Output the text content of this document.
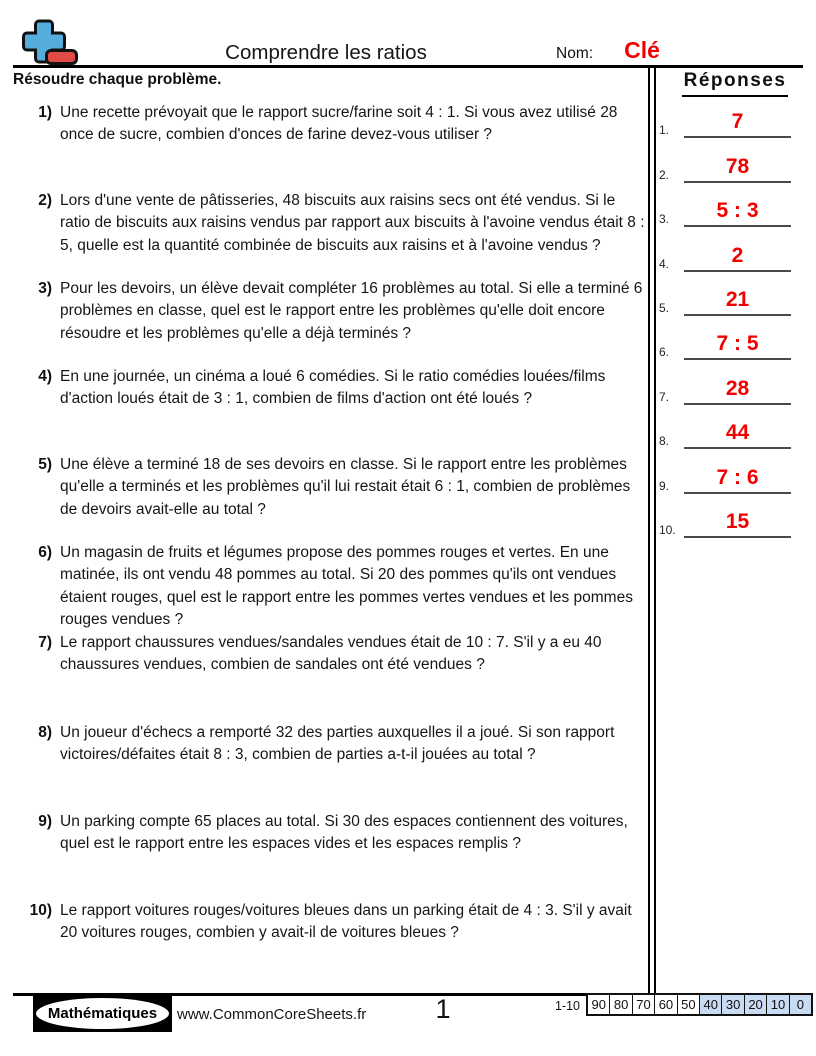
Comprendre les ratios	Nom:	Clé
Résoudre chaque problème.
1) Une recette prévoyait que le rapport sucre/farine soit 4 : 1. Si vous avez utilisé 28 once de sucre, combien d'onces de farine devez-vous utiliser ?
2) Lors d'une vente de pâtisseries, 48 biscuits aux raisins secs ont été vendus. Si le ratio de biscuits aux raisins vendus par rapport aux biscuits à l'avoine vendus était 8 : 5, quelle est la quantité combinée de biscuits aux raisins et à l'avoine vendus ?
3) Pour les devoirs, un élève devait compléter 16 problèmes au total. Si elle a terminé 6 problèmes en classe, quel est le rapport entre les problèmes qu'elle doit encore résoudre et les problèmes qu'elle a déjà terminés ?
4) En une journée, un cinéma a loué 6 comédies. Si le ratio comédies louées/films d'action loués était de 3 : 1, combien de films d'action ont été loués ?
5) Une élève a terminé 18 de ses devoirs en classe. Si le rapport entre les problèmes qu'elle a terminés et les problèmes qu'il lui restait était 6 : 1, combien de problèmes de devoirs avait-elle au total ?
6) Un magasin de fruits et légumes propose des pommes rouges et vertes. En une matinée, ils ont vendu 48 pommes au total. Si 20 des pommes qu'ils ont vendues étaient rouges, quel est le rapport entre les pommes vertes vendues et les pommes rouges vendues ?
7) Le rapport chaussures vendues/sandales vendues était de 10 : 7. S'il y a eu 40 chaussures vendues, combien de sandales ont été vendues ?
8) Un joueur d'échecs a remporté 32 des parties auxquelles il a joué. Si son rapport victoires/défaites était 8 : 3, combien de parties a-t-il jouées au total ?
9) Un parking compte 65 places au total. Si 30 des espaces contiennent des voitures, quel est le rapport entre les espaces vides et les espaces remplis ?
10) Le rapport voitures rouges/voitures bleues dans un parking était de 4 : 3. S'il y avait 20 voitures rouges, combien y avait-il de voitures bleues ?
Réponses
1.	7
2.	78
3. 5 : 3
4.	2
5.	21
6. 7 : 5
7.	28
8.	44
9. 7 : 6
10. 15
Mathématiques	www.CommonCoreSheets.fr	1	1-10 90 80 70 60 50 40 30 20 10 0
